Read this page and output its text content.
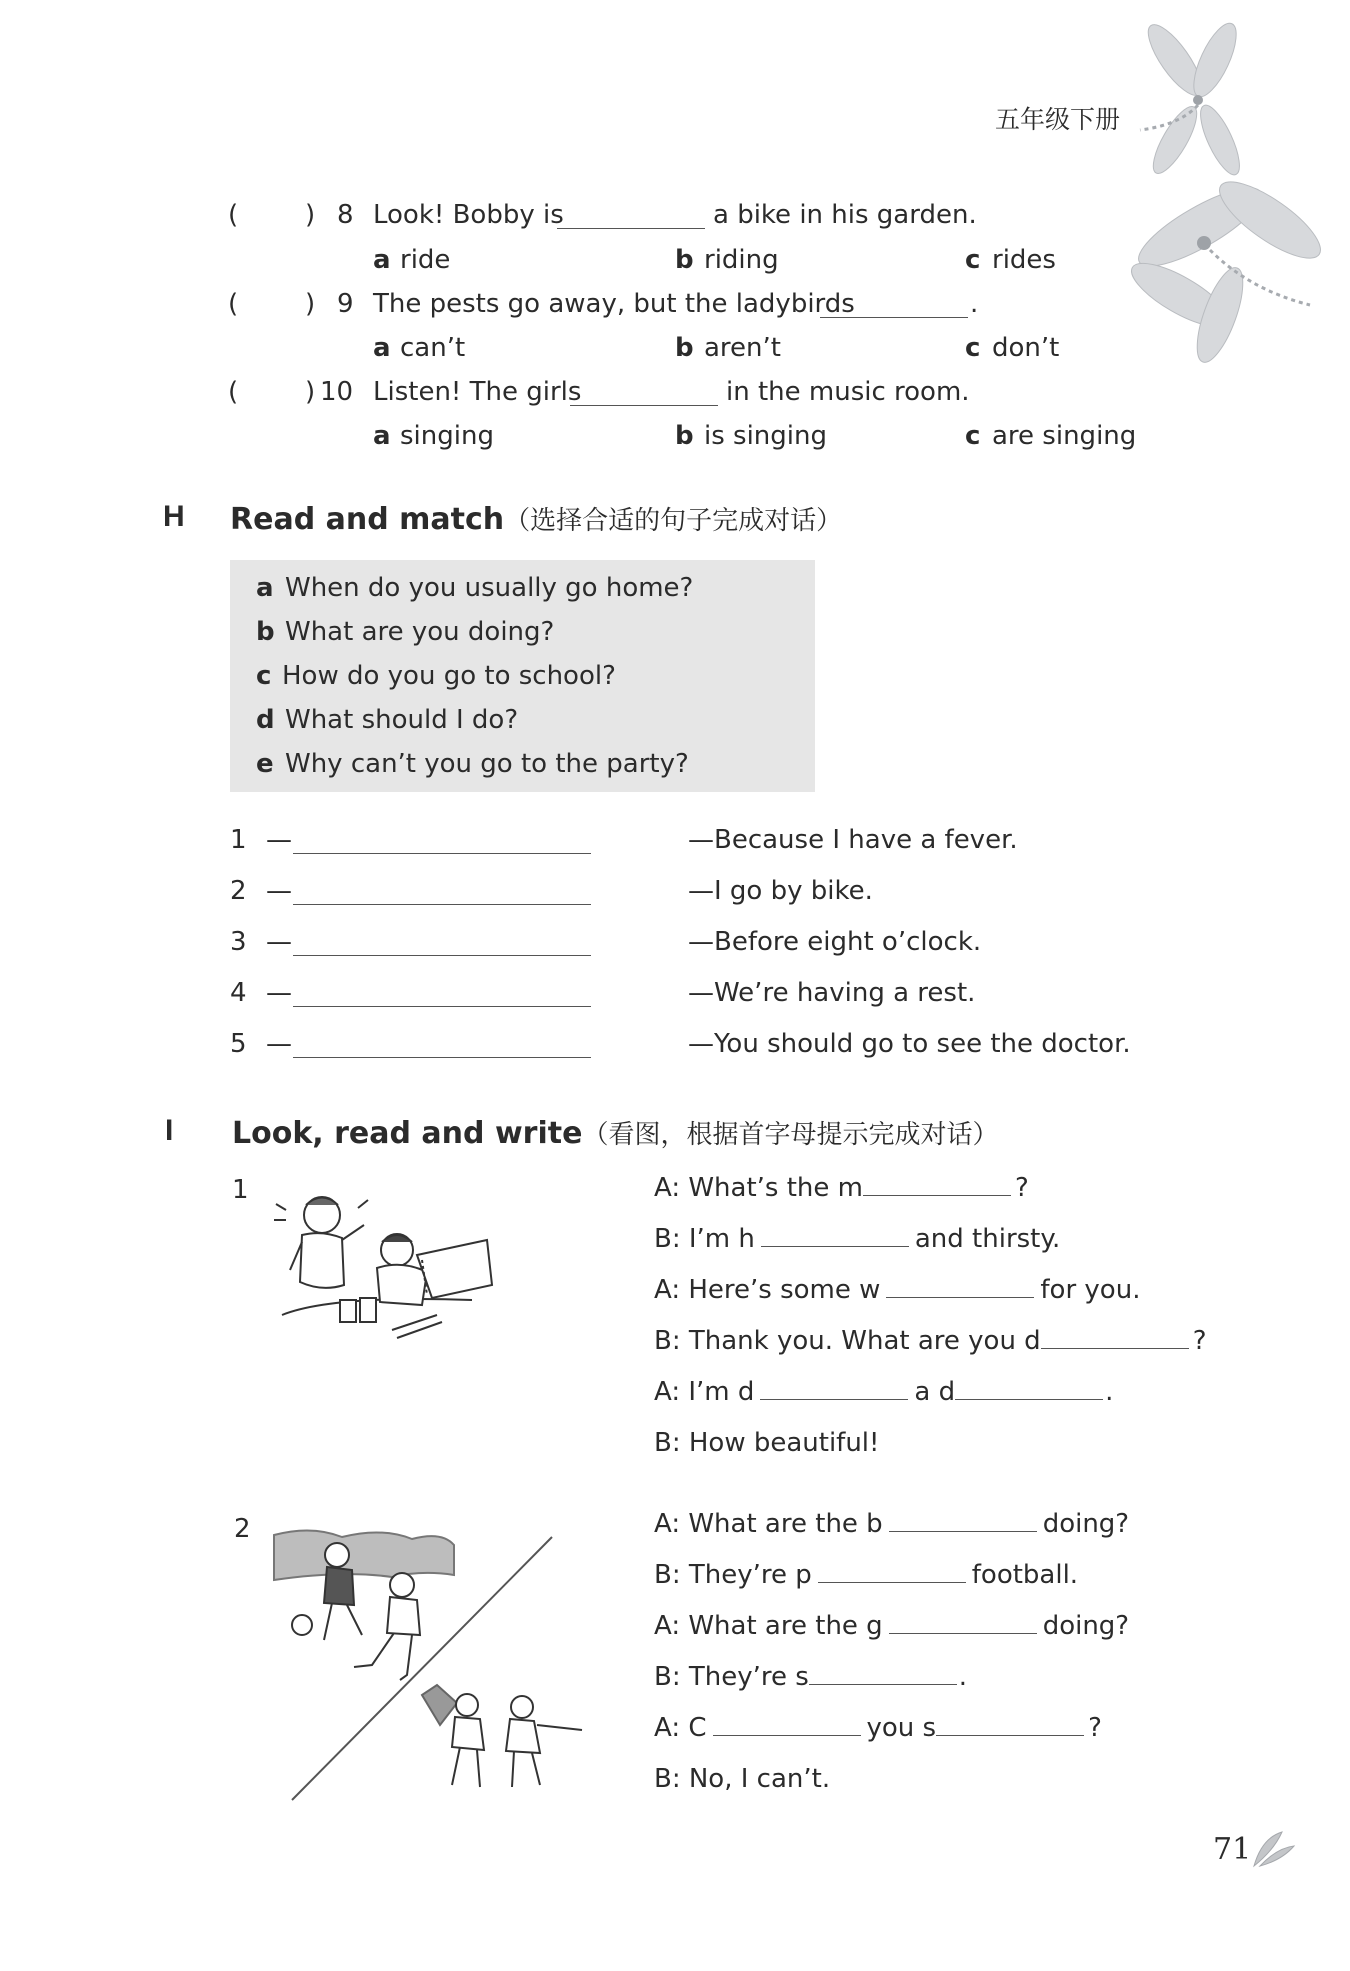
五年级下册
(	) 8 Look! Bobby is	a bike in his garden.
a ride	b riding	c rides
(	) 9 The pests go away, but the ladybirds	.
a can’t	b aren’t	c don’t
(	) 10 Listen! The girls	in the music room.
a singing	b is singing	c are singing
H Read and match（选择合适的句子完成对话）
a When do you usually go home?
b What are you doing?
c How do you go to school?
d What should I do?
e Why can’t you go to the party?
1 —	—Because I have a fever.
2 —	—I go by bike.
3 —	—Before eight o’clock.
4 —	—We’re having a rest.
5 —	—You should go to see the doctor.
I Look, read and write（看图，根据首字母提示完成对话）
1	A: What’s the m	?
B: I’m h	and thirsty.
A: Here’s some w	for you.
B: Thank you. What are you d	?
A: I’m d	a d	.
B: How beautiful!
2	A: What are the b	doing?
B: They’re p	football.
A: What are the g	doing?
B: They’re s	.
A: C	you s	?
B: No, I can’t.
71
